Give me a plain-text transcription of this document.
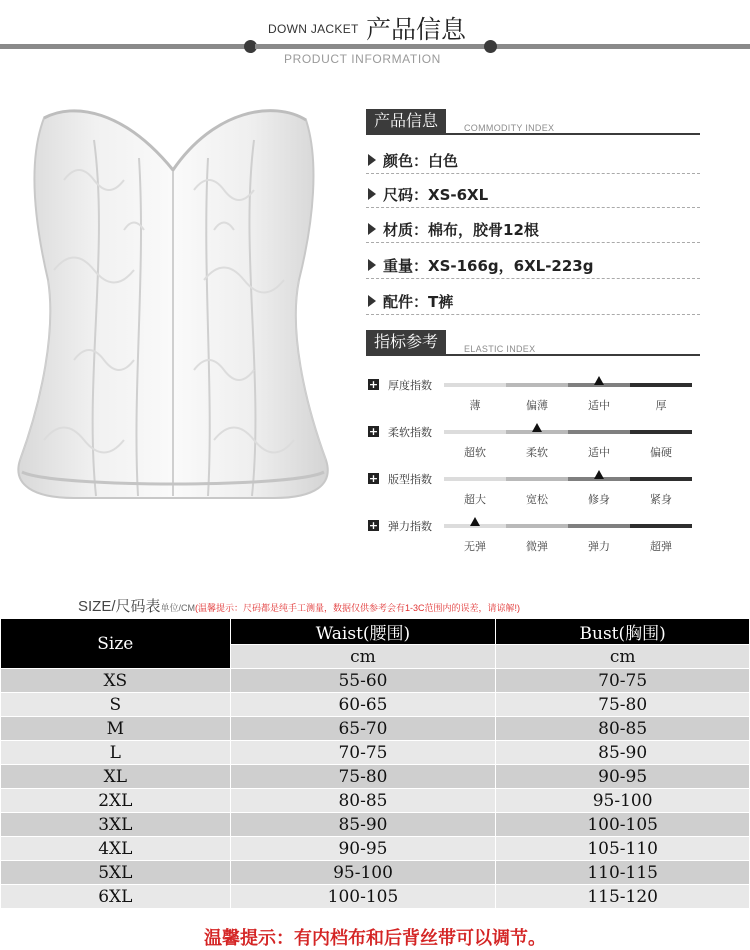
DOWN JACKET 产品信息
PRODUCT INFORMATION
产品信息	COMMODITY INDEX
颜色：白色
尺码：XS-6XL
材质：棉布，胶骨12根
重量：XS-166g，6XL-223g
配件：T裤
指标参考	ELASTIC INDEX
+ 厚度指数
薄	偏薄	适中	厚
+ 柔软指数
超软	柔软	适中	偏硬
+ 版型指数
超大	宽松	修身	紧身
+ 弹力指数
无弹	微弹	弹力	超弹
SIZE/尺码表单位/CM(温馨提示：尺码都是纯手工测量，数据仅供参考会有1-3C范围内的误差，请谅解!)
Size	Waist(腰围)	Bust(胸围)
	cm	cm
XS	55-60	70-75
S	60-65	75-80
M	65-70	80-85
L	70-75	85-90
XL	75-80	90-95
2XL	80-85	95-100
3XL	85-90	100-105
4XL	90-95	105-110
5XL	95-100	110-115
6XL	100-105	115-120
温馨提示：有内档布和后背丝带可以调节。
